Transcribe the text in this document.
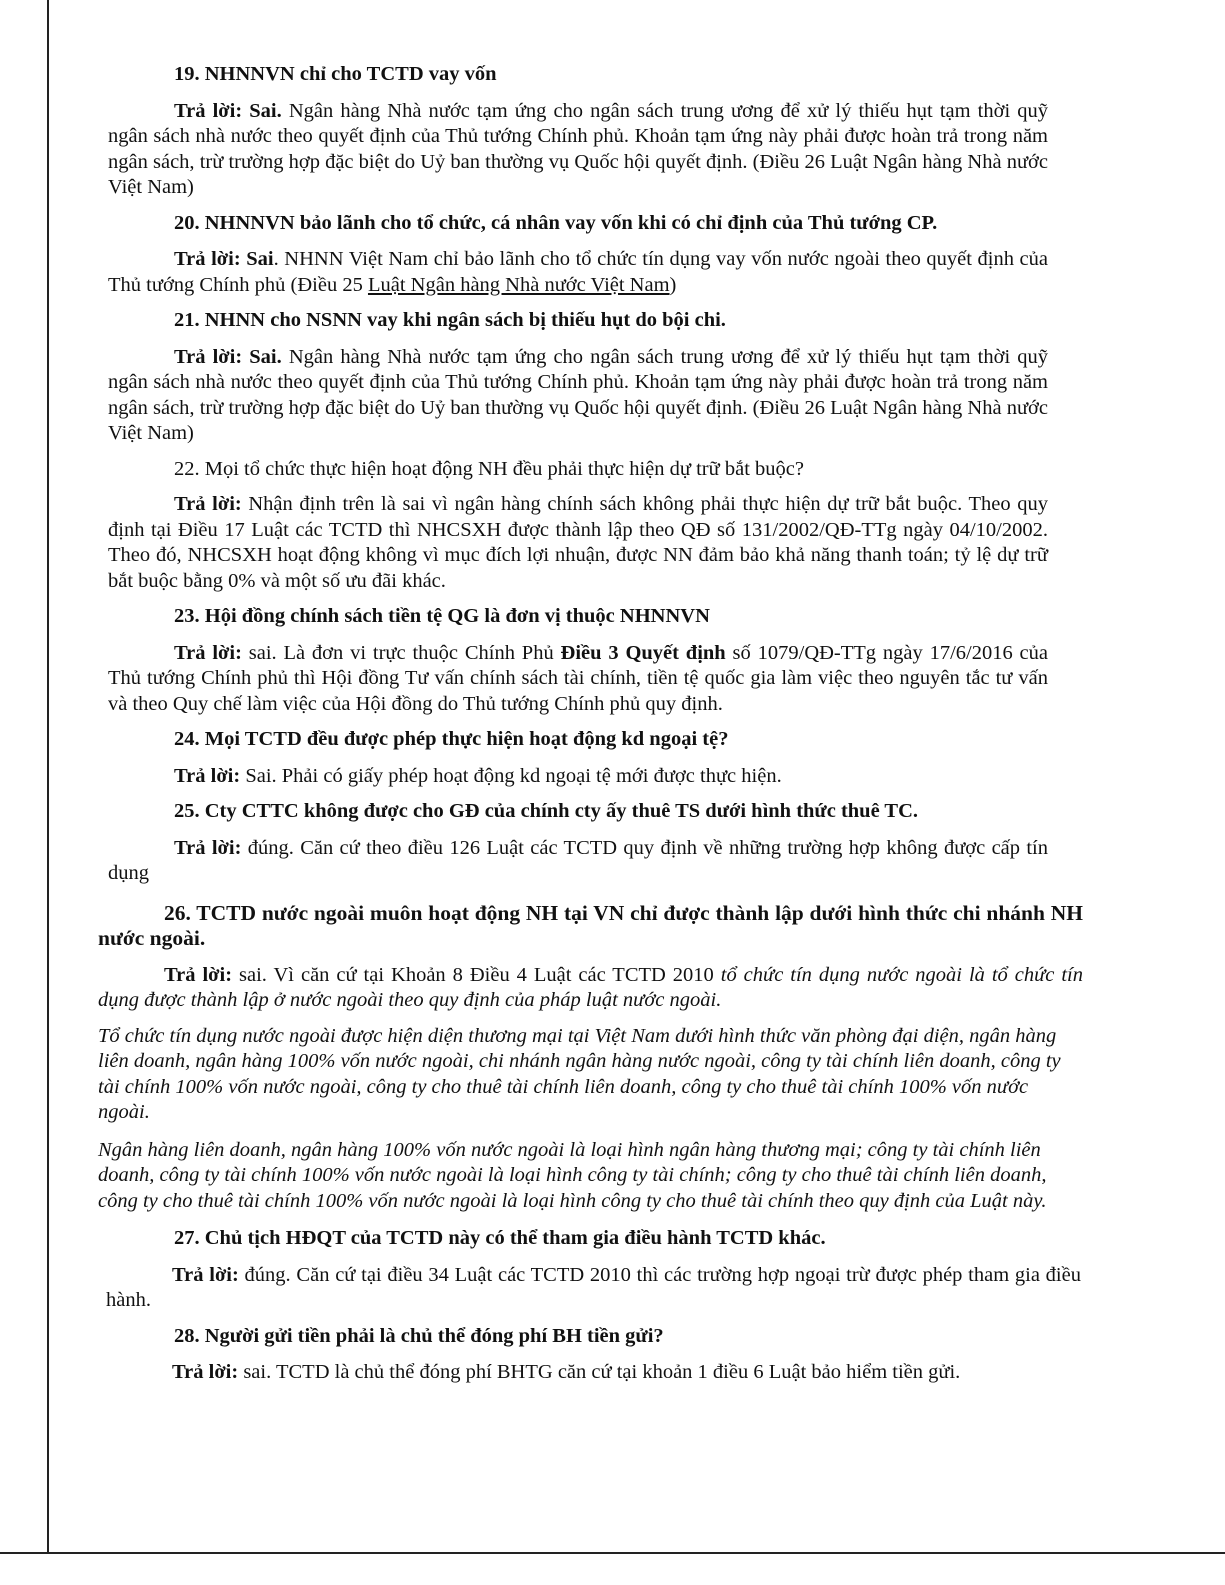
19. NHNNVN chỉ cho TCTD vay vốn

Trả lời: Sai. Ngân hàng Nhà nước tạm ứng cho ngân sách trung ương để xử lý thiếu hụt tạm thời quỹ ngân sách nhà nước theo quyết định của Thủ tướng Chính phủ. Khoản tạm ứng này phải được hoàn trả trong năm ngân sách, trừ trường hợp đặc biệt do Uỷ ban thường vụ Quốc hội quyết định. (Điều 26 Luật Ngân hàng Nhà nước Việt Nam)

20. NHNNVN bảo lãnh cho tổ chức, cá nhân vay vốn khi có chỉ định của Thủ tướng CP.

Trả lời: Sai. NHNN Việt Nam chỉ bảo lãnh cho tổ chức tín dụng vay vốn nước ngoài theo quyết định của Thủ tướng Chính phủ (Điều 25 Luật Ngân hàng Nhà nước Việt Nam)

21. NHNN cho NSNN vay khi ngân sách bị thiếu hụt do bội chi.

Trả lời: Sai. Ngân hàng Nhà nước tạm ứng cho ngân sách trung ương để xử lý thiếu hụt tạm thời quỹ ngân sách nhà nước theo quyết định của Thủ tướng Chính phủ. Khoản tạm ứng này phải được hoàn trả trong năm ngân sách, trừ trường hợp đặc biệt do Uỷ ban thường vụ Quốc hội quyết định. (Điều 26 Luật Ngân hàng Nhà nước Việt Nam)

22. Mọi tổ chức thực hiện hoạt động NH đều phải thực hiện dự trữ bắt buộc?

Trả lời: Nhận định trên là sai vì ngân hàng chính sách không phải thực hiện dự trữ bắt buộc. Theo quy định tại Điều 17 Luật các TCTD thì NHCSXH được thành lập theo QĐ số 131/2002/QĐ-TTg ngày 04/10/2002. Theo đó, NHCSXH hoạt động không vì mục đích lợi nhuận, được NN đảm bảo khả năng thanh toán; tỷ lệ dự trữ bắt buộc bằng 0% và một số ưu đãi khác.

23. Hội đồng chính sách tiền tệ QG là đơn vị thuộc NHNNVN

Trả lời: sai. Là đơn vi trực thuộc Chính Phủ Điều 3 Quyết định số 1079/QĐ-TTg ngày 17/6/2016 của Thủ tướng Chính phủ thì Hội đồng Tư vấn chính sách tài chính, tiền tệ quốc gia làm việc theo nguyên tắc tư vấn và theo Quy chế làm việc của Hội đồng do Thủ tướng Chính phủ quy định.

24. Mọi TCTD đều được phép thực hiện hoạt động kd ngoại tệ?

Trả lời: Sai. Phải có giấy phép hoạt động kd ngoại tệ mới được thực hiện.

25. Cty CTTC không được cho GĐ của chính cty ấy thuê TS dưới hình thức thuê TC.

Trả lời: đúng. Căn cứ theo điều 126 Luật các TCTD quy định về những trường hợp không được cấp tín dụng

26. TCTD nước ngoài muôn hoạt động NH tại VN chỉ được thành lập dưới hình thức chi nhánh NH nước ngoài.

Trả lời: sai. Vì căn cứ tại Khoản 8 Điều 4 Luật các TCTD 2010 tổ chức tín dụng nước ngoài là tổ chức tín dụng được thành lập ở nước ngoài theo quy định của pháp luật nước ngoài.

Tổ chức tín dụng nước ngoài được hiện diện thương mại tại Việt Nam dưới hình thức văn phòng đại diện, ngân hàng liên doanh, ngân hàng 100% vốn nước ngoài, chi nhánh ngân hàng nước ngoài, công ty tài chính liên doanh, công ty tài chính 100% vốn nước ngoài, công ty cho thuê tài chính liên doanh, công ty cho thuê tài chính 100% vốn nước ngoài.

Ngân hàng liên doanh, ngân hàng 100% vốn nước ngoài là loại hình ngân hàng thương mại; công ty tài chính liên doanh, công ty tài chính 100% vốn nước ngoài là loại hình công ty tài chính; công ty cho thuê tài chính liên doanh, công ty cho thuê tài chính 100% vốn nước ngoài là loại hình công ty cho thuê tài chính theo quy định của Luật này.

27. Chủ tịch HĐQT của TCTD này có thể tham gia điều hành TCTD khác.

Trả lời: đúng. Căn cứ tại điều 34 Luật các TCTD 2010 thì các trường hợp ngoại trừ được phép tham gia điều hành.

28. Người gửi tiền phải là chủ thể đóng phí BH tiền gửi?

Trả lời: sai. TCTD là chủ thể đóng phí BHTG căn cứ tại khoản 1 điều 6 Luật bảo hiểm tiền gửi.
